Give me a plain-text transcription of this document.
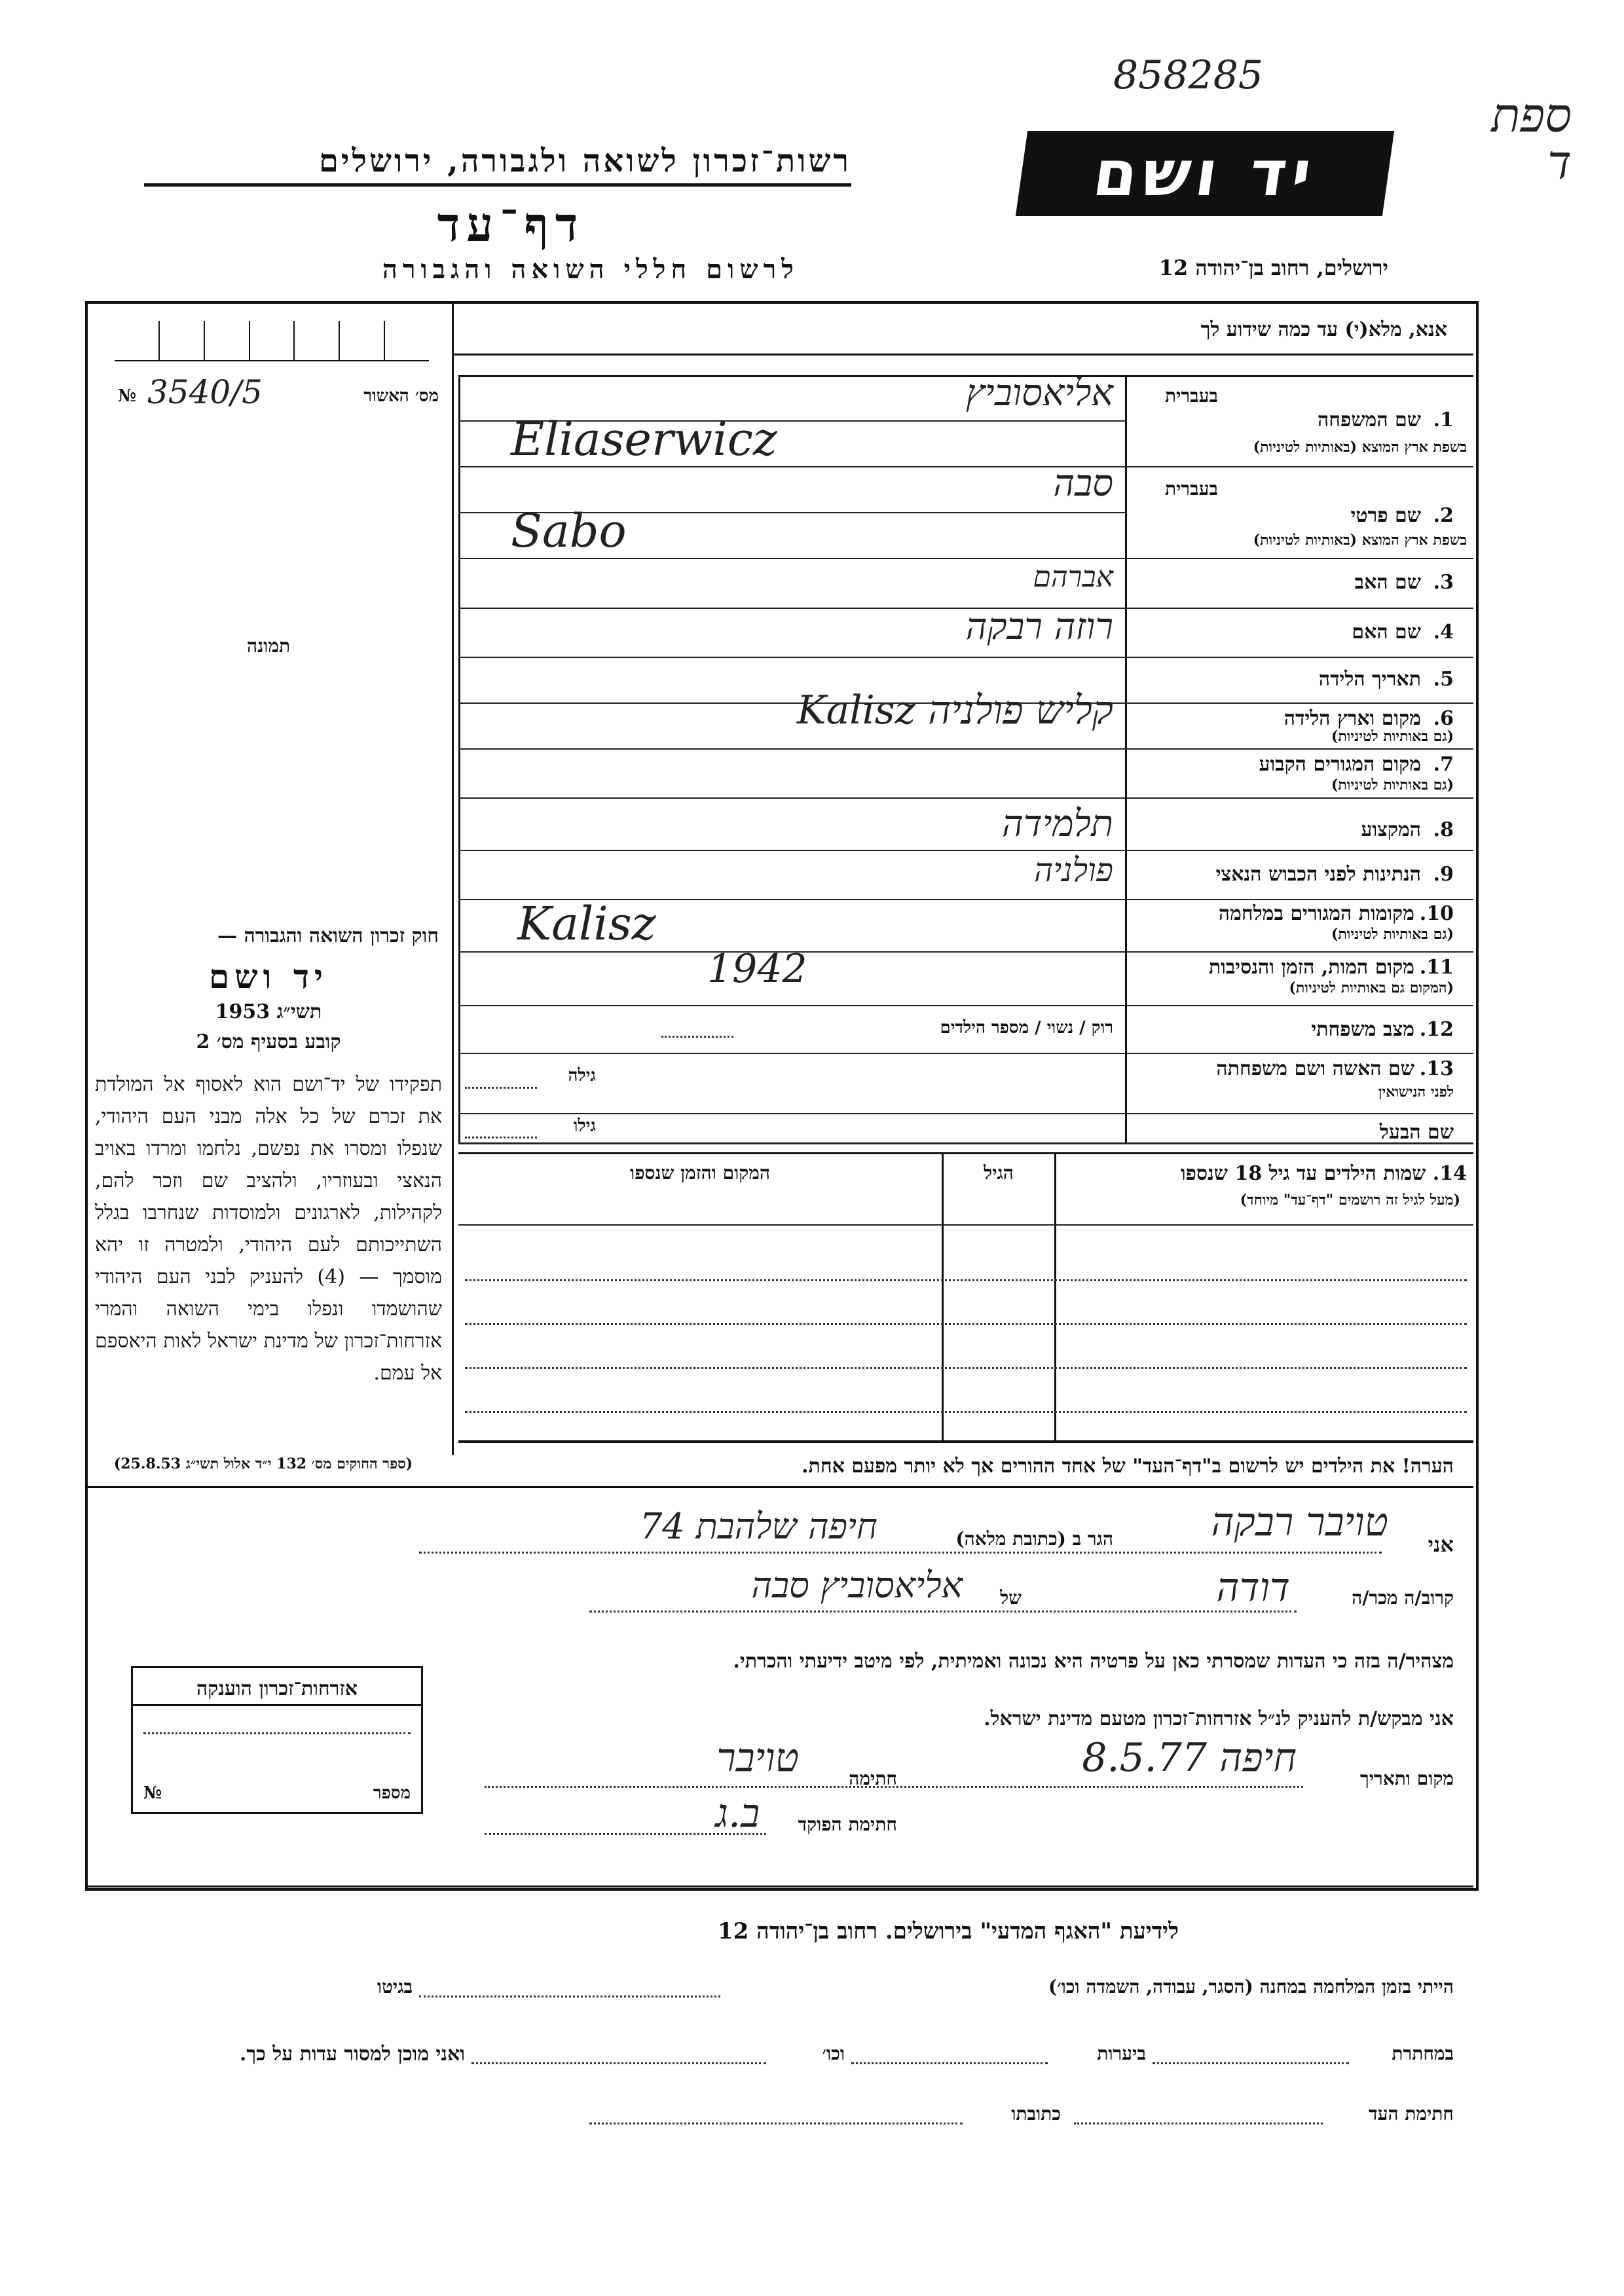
858285
ספת
ד
רשות־זכרון לשואה ולגבורה, ירושלים
דף־עד
לרשום חללי השואה והגבורה
יד ושם
ירושלים, רחוב בן־יהודה 12
אנא, מלא(י) עד כמה שידוע לך
מס׳ האשור
№ 3540/5
תמונה
חוק זכרון השואה והגבורה —
יד ושם
תשי״ג 1953
קובע בסעיף מס׳ 2
תפקידו של יד־ושם הוא לאסוף אל המולדת את זכרם של כל אלה מבני העם היהודי, שנפלו ומסרו את נפשם, נלחמו ומרדו באויב הנאצי ובעוזריו, ולהציב שם וזכר להם, לקהילות, לארגונים ולמוסדות שנחרבו בגלל השתייכותם לעם היהודי, ולמטרה זו יהא מוסמך — (4) להעניק לבני העם היהודי שהושמדו ונפלו בימי השואה והמרי אזרחות־זכרון של מדינת ישראל לאות היאספם אל עמם.
(ספר החוקים מס׳ 132 י״ד אלול תשי״ג 25.8.53)
בעברית
1.
שם המשפחה
בשפת ארץ המוצא (באותיות לטיניות)
אליאסוביץ
Eliaserwicz
בעברית
2.
שם פרטי
בשפת ארץ המוצא (באותיות לטיניות)
סבה
Sabo
3.
שם האב
אברהם
4.
שם האם
רוזה רבקה
5.
תאריך הלידה
6.
מקום וארץ הלידה
(גם באותיות לטיניות)
קליש פולניה Kalisz
7.
מקום המגורים הקבוע
(גם באותיות לטיניות)
8.
המקצוע
תלמידה
9.
הנתינות לפני הכבוש הנאצי
פולניה
10.
מקומות המגורים במלחמה
(גם באותיות לטיניות)
Kalisz
11.
מקום המות, הזמן והנסיבות
(המקום גם באותיות לטיניות)
1942
12.
מצב משפחתי
רוק / נשוי / מספר הילדים
13.
שם האשה ושם משפחתה
לפני הנישואין
גילה
שם הבעל
גילו
14. שמות הילדים עד גיל 18 שנספו
(מעל לגיל זה רושמים "דף־עד" מיוחד)
הגיל
המקום והזמן שנספו
הערה! את הילדים יש לרשום ב"דף־העד" של אחד ההורים אך לא יותר מפעם אחת.
אני
טויבר רבקה
הגר ב (כתובת מלאה)
חיפה שלהבת 74
קרוב/ה מכר/ה
דודה
של
אליאסוביץ סבה
מצהיר/ה בזה כי העדות שמסרתי כאן על פרטיה היא נכונה ואמיתית, לפי מיטב ידיעתי והכרתי.
אני מבקש/ת להעניק לנ״ל אזרחות־זכרון מטעם מדינת ישראל.
מקום ותאריך
חיפה 8.5.77
חתימה
טויבר
חתימת הפוקד
ב.ג
אזרחות־זכרון הוענקה
№	מספר
לידיעת "האגף המדעי" בירושלים. רחוב בן־יהודה 12
הייתי בזמן המלחמה במחנה (הסגר, עבודה, השמדה וכו׳)
בגיטו
במחתרת
ביערות
וכו׳
ואני מוכן למסור עדות על כך.
חתימת העד
כתובתו
